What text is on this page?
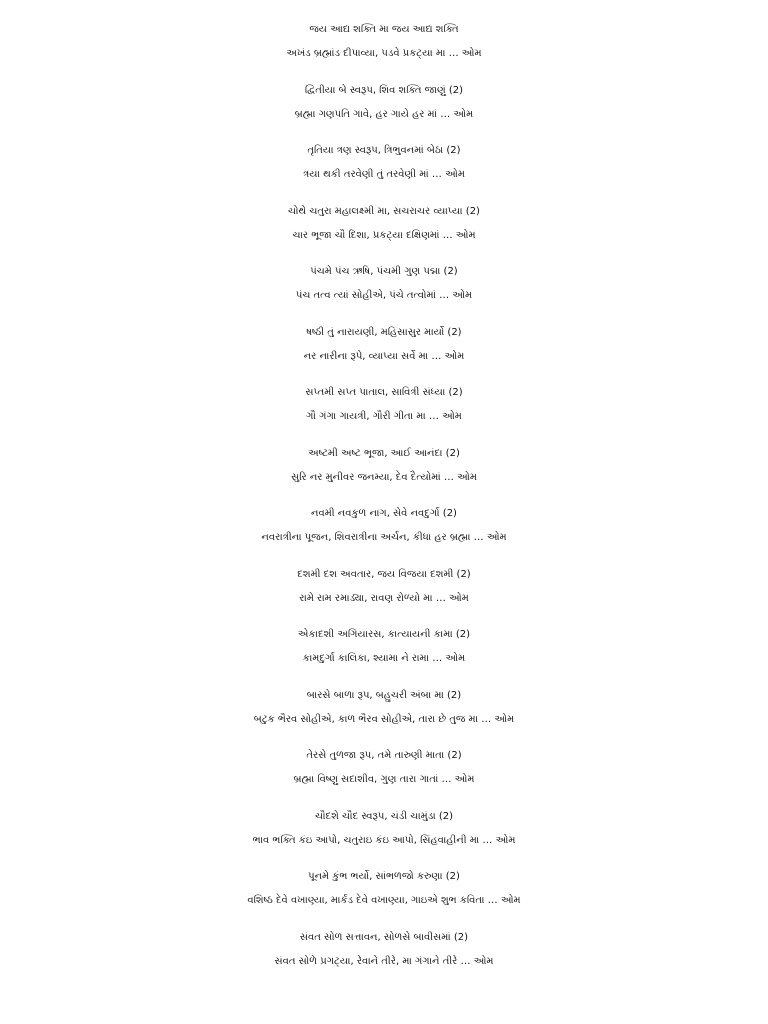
જય આદ્ય શક્તિ મા જય આદ્ય શક્તિ
અખંડ બ્રહ્માંડ દીપાવ્યા, પડવે પ્રકટ્યા મા … ઓમ
દ્વિતીયા બે સ્વરૂપ, શિવ શક્તિ જાણું (2)
બ્રહ્મા ગણપતિ ગાવે, હર ગાયે હર માં … ઓમ
તૃતિયા ત્રણ સ્વરૂપ, ત્રિભુવનમાં બેઠા (2)
ત્રયા થકી તરવેણી તું તરવેણી માં … ઓમ
ચોથે ચતુરા મહાલક્ષ્મી મા, સચરાચર વ્યાપ્યા (2)
ચાર ભૂજા ચૌ દિશા, પ્રકટ્યા દક્ષિણમાં … ઓમ
પંચમે પંચ ઋષિ, પંચમી ગુણ પદ્મા (2)
પંચ તત્વ ત્યાં સોહીએ, પંચે તત્વોમાં … ઓમ
ષષ્ઠી તું નારાયણી, મહિસાસુર માર્યો (2)
નર નારીના રૂપે, વ્યાપ્યા સર્વે મા … ઓમ
સપ્તમી સપ્ત પાતાલ, સાવિત્રી સંધ્યા (2)
ગૌ ગંગા ગાયત્રી, ગૌરી ગીતા મા … ઓમ
અષ્ટમી અષ્ટ ભૂજા, આઈ આનંદા (2)
સુરિ નર મુનીવર જનમ્યા, દેવ દૈત્યોમાં … ઓમ
નવમી નવકુળ નાગ, સેવે નવદુર્ગા (2)
નવરાત્રીના પૂજન, શિવરાત્રીના અર્ચન, કીધા હર બ્રહ્મા … ઓમ
દશમી દશ અવતાર, જય વિજયા દશમી (2)
રામે રામ રમાડ્યા, રાવણ રોળ્યો મા … ઓમ
એકાદશી અગિયારસ, કાત્યાયની કામા (2)
કામદુર્ગા કાલિકા, શ્યામા ને રામા … ઓમ
બારસે બાળા રૂપ, બહુચરી અંબા મા (2)
બટુક ભૈરવ સોહીએ, કાળ ભૈરવ સોહીએ, તારા છે તુજ મા … ઓમ
તેરસે તુળજા રૂપ, તમે તારુણી માતા (2)
બ્રહ્મા વિષ્ણુ સદાશીવ, ગુણ તારા ગાતાં … ઓમ
ચૌદશે ચૌદ સ્વરૂપ, ચંડી ચામુંડા (2)
ભાવ ભક્તિ કંઇ આપો, ચતુરાઇ કંઇ આપો, સિંહવાહીની મા … ઓમ
પૂનમે કુંભ ભર્યો, સાંભળજો કરુણા (2)
વશિષ્ઠ દેવે વખાણ્યા, માર્કંડ દેવે વખાણ્યા, ગાઇએ શુભ કવિતા … ઓમ
સંવત સોળ સત્તાવન, સોળસે બાવીસમાં (2)
સંવત સોળે પ્રગટ્યા, રેવાને તીરે, મા ગંગાને તીરે … ઓમ
